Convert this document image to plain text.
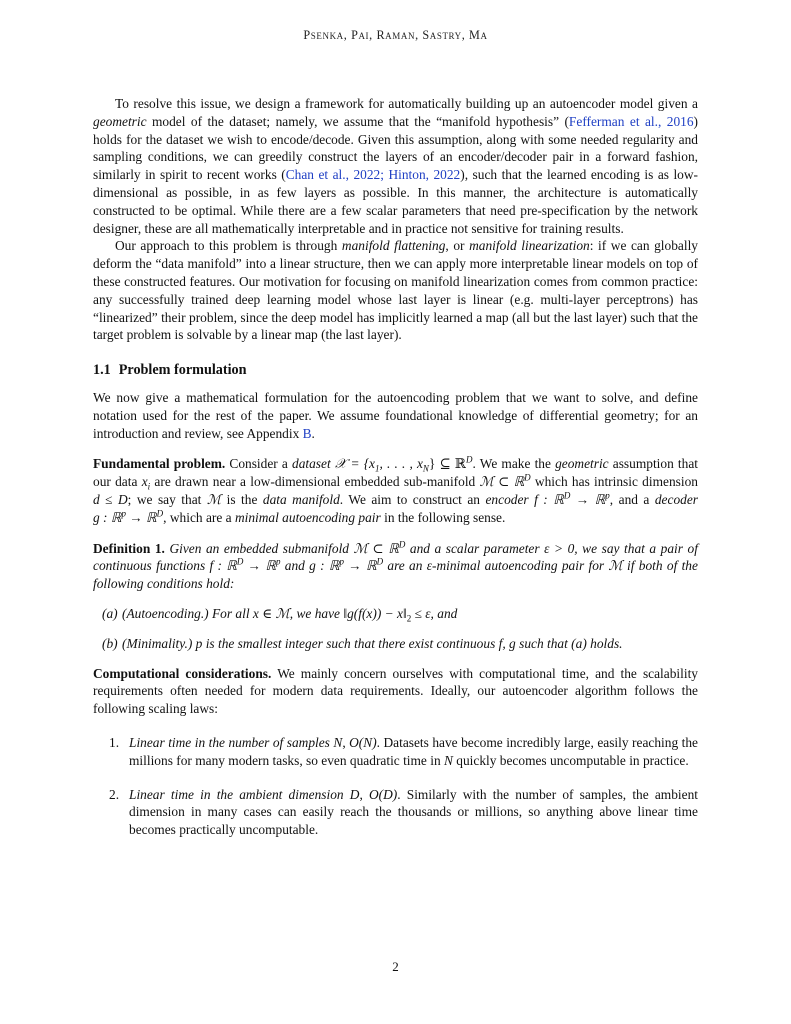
Psenka, Pai, Raman, Sastry, Ma

To resolve this issue, we design a framework for automatically building up an autoencoder model given a geometric model of the dataset; namely, we assume that the “manifold hypothesis” (Fefferman et al., 2016) holds for the dataset we wish to encode/decode. Given this assumption, along with some needed regularity and sampling conditions, we can greedily construct the layers of an encoder/decoder pair in a forward fashion, similarly in spirit to recent works (Chan et al., 2022; Hinton, 2022), such that the learned encoding is as low-dimensional as possible, in as few layers as possible. In this manner, the architecture is automatically constructed to be optimal. While there are a few scalar parameters that need pre-specification by the network designer, these are all mathematically interpretable and in practice not sensitive for training results.

Our approach to this problem is through manifold flattening, or manifold linearization: if we can globally deform the “data manifold” into a linear structure, then we can apply more interpretable linear models on top of these constructed features. Our motivation for focusing on manifold linearization comes from common practice: any successfully trained deep learning model whose last layer is linear (e.g. multi-layer perceptrons) has “linearized” their problem, since the deep model has implicitly learned a map (all but the last layer) such that the target problem is solvable by a linear map (the last layer).

1.1 Problem formulation

We now give a mathematical formulation for the autoencoding problem that we want to solve, and define notation used for the rest of the paper. We assume foundational knowledge of differential geometry; for an introduction and review, see Appendix B.

Fundamental problem. Consider a dataset 𝒳 = {$x_1$, . . . , $x_N$} ⊆ ℝ$^D$. We make the geometric assumption that our data $x_i$ are drawn near a low-dimensional embedded sub-manifold ℳ ⊂ ℝ$^D$ which has intrinsic dimension d ≤ D; we say that ℳ is the data manifold. We aim to construct an encoder f : ℝ$^D$ → ℝ$^p$, and a decoder g : ℝ$^p$ → ℝ$^D$, which are a minimal autoencoding pair in the following sense.

Definition 1. Given an embedded submanifold ℳ ⊂ ℝ$^D$ and a scalar parameter ε > 0, we say that a pair of continuous functions f : ℝ$^D$ → ℝ$^p$ and g : ℝ$^p$ → ℝ$^D$ are an ε-minimal autoencoding pair for ℳ if both of the following conditions hold:

(a) (Autoencoding.) For all x ∈ ℳ, we have ‖g(f(x)) − $x‖_2 \le \varepsilon$, and

(b) (Minimality.) p is the smallest integer such that there exist continuous f, g such that (a) holds.

Computational considerations. We mainly concern ourselves with computational time, and the scalability requirements often needed for modern data requirements. Ideally, our autoencoder algorithm follows the following scaling laws:

1. Linear time in the number of samples N, O(N). Datasets have become incredibly large, easily reaching the millions for many modern tasks, so even quadratic time in N quickly becomes uncomputable in practice.

2. Linear time in the ambient dimension D, O(D). Similarly with the number of samples, the ambient dimension in many cases can easily reach the thousands or millions, so anything above linear time becomes practically uncomputable.

2
